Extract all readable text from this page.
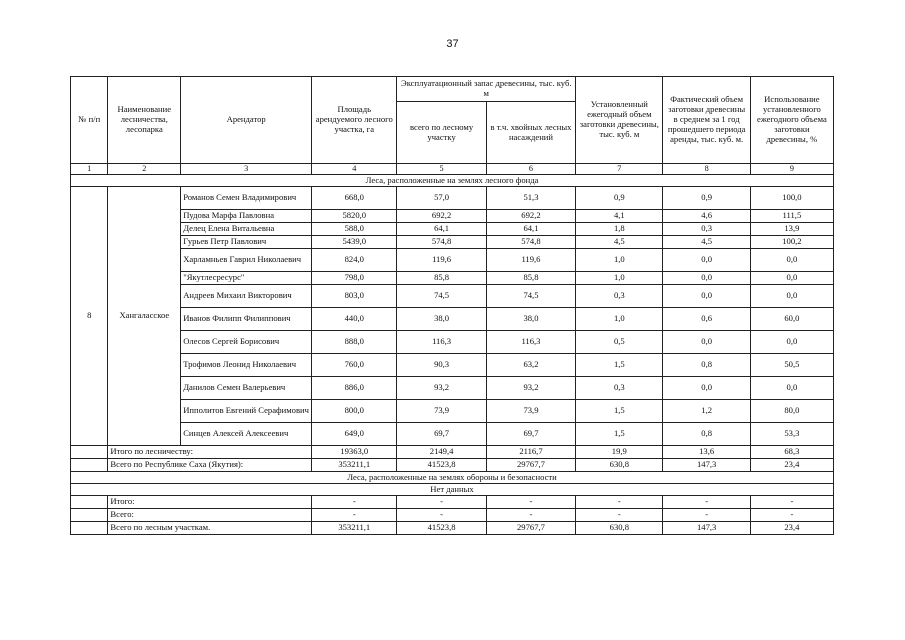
37
№ п/п	Наименование лесничества, лесопарка	Арендатор	Площадь арендуемого лесного участка, га	Эксплуатационный запас древесины, тыс. куб. м		Установленный ежегодный объем заготовки древесины, тыс. куб. м	Фактический объем заготовки древесины в среднем за 1 год прошедшего периода аренды, тыс. куб. м.	Использование установленного ежегодного объема заготовки древесины, %
				всего по лесному участку	в т.ч. хвойных лесных насаждений			
1	2	3	4	5	6	7	8	9
Леса, расположенные на землях лесного фонда								
8	Хангаласское	Романов Семен Владимирович	668,0	57,0	51,3	0,9	0,9	100,0
		Пудова Марфа Павловна	5820,0	692,2	692,2	4,1	4,6	111,5
		Делец Елена Витальевна	588,0	64,1	64,1	1,8	0,3	13,9
		Гурьев Петр Павлович	5439,0	574,8	574,8	4,5	4,5	100,2
		Харламньев Гаврил Николаевич	824,0	119,6	119,6	1,0	0,0	0,0
		"Якутлесресурс"	798,0	85,8	85,8	1,0	0,0	0,0
		Андреев Михаил Викторович	803,0	74,5	74,5	0,3	0,0	0,0
		Иванов Филипп Филиппович	440,0	38,0	38,0	1,0	0,6	60,0
		Олесов Сергей Борисович	888,0	116,3	116,3	0,5	0,0	0,0
		Трофимов Леонид Николаевич	760,0	90,3	63,2	1,5	0,8	50,5
		Данилов Семен Валерьевич	886,0	93,2	93,2	0,3	0,0	0,0
		Ипполитов Евгений Серафимович	800,0	73,9	73,9	1,5	1,2	80,0
		Синцев Алексей Алексеевич	649,0	69,7	69,7	1,5	0,8	53,3
	Итого по лесничеству:		19363,0	2149,4	2116,7	19,9	13,6	68,3
	Всего по Республике Саха (Якутия):		353211,1	41523,8	29767,7	630,8	147,3	23,4
Леса, расположенные на землях обороны и безопасности								
Нет данных								
	Итого:		-	-	-	-	-	-
	Всего:		-	-	-	-	-	-
	Всего по лесным участкам.		353211,1	41523,8	29767,7	630,8	147,3	23,4
